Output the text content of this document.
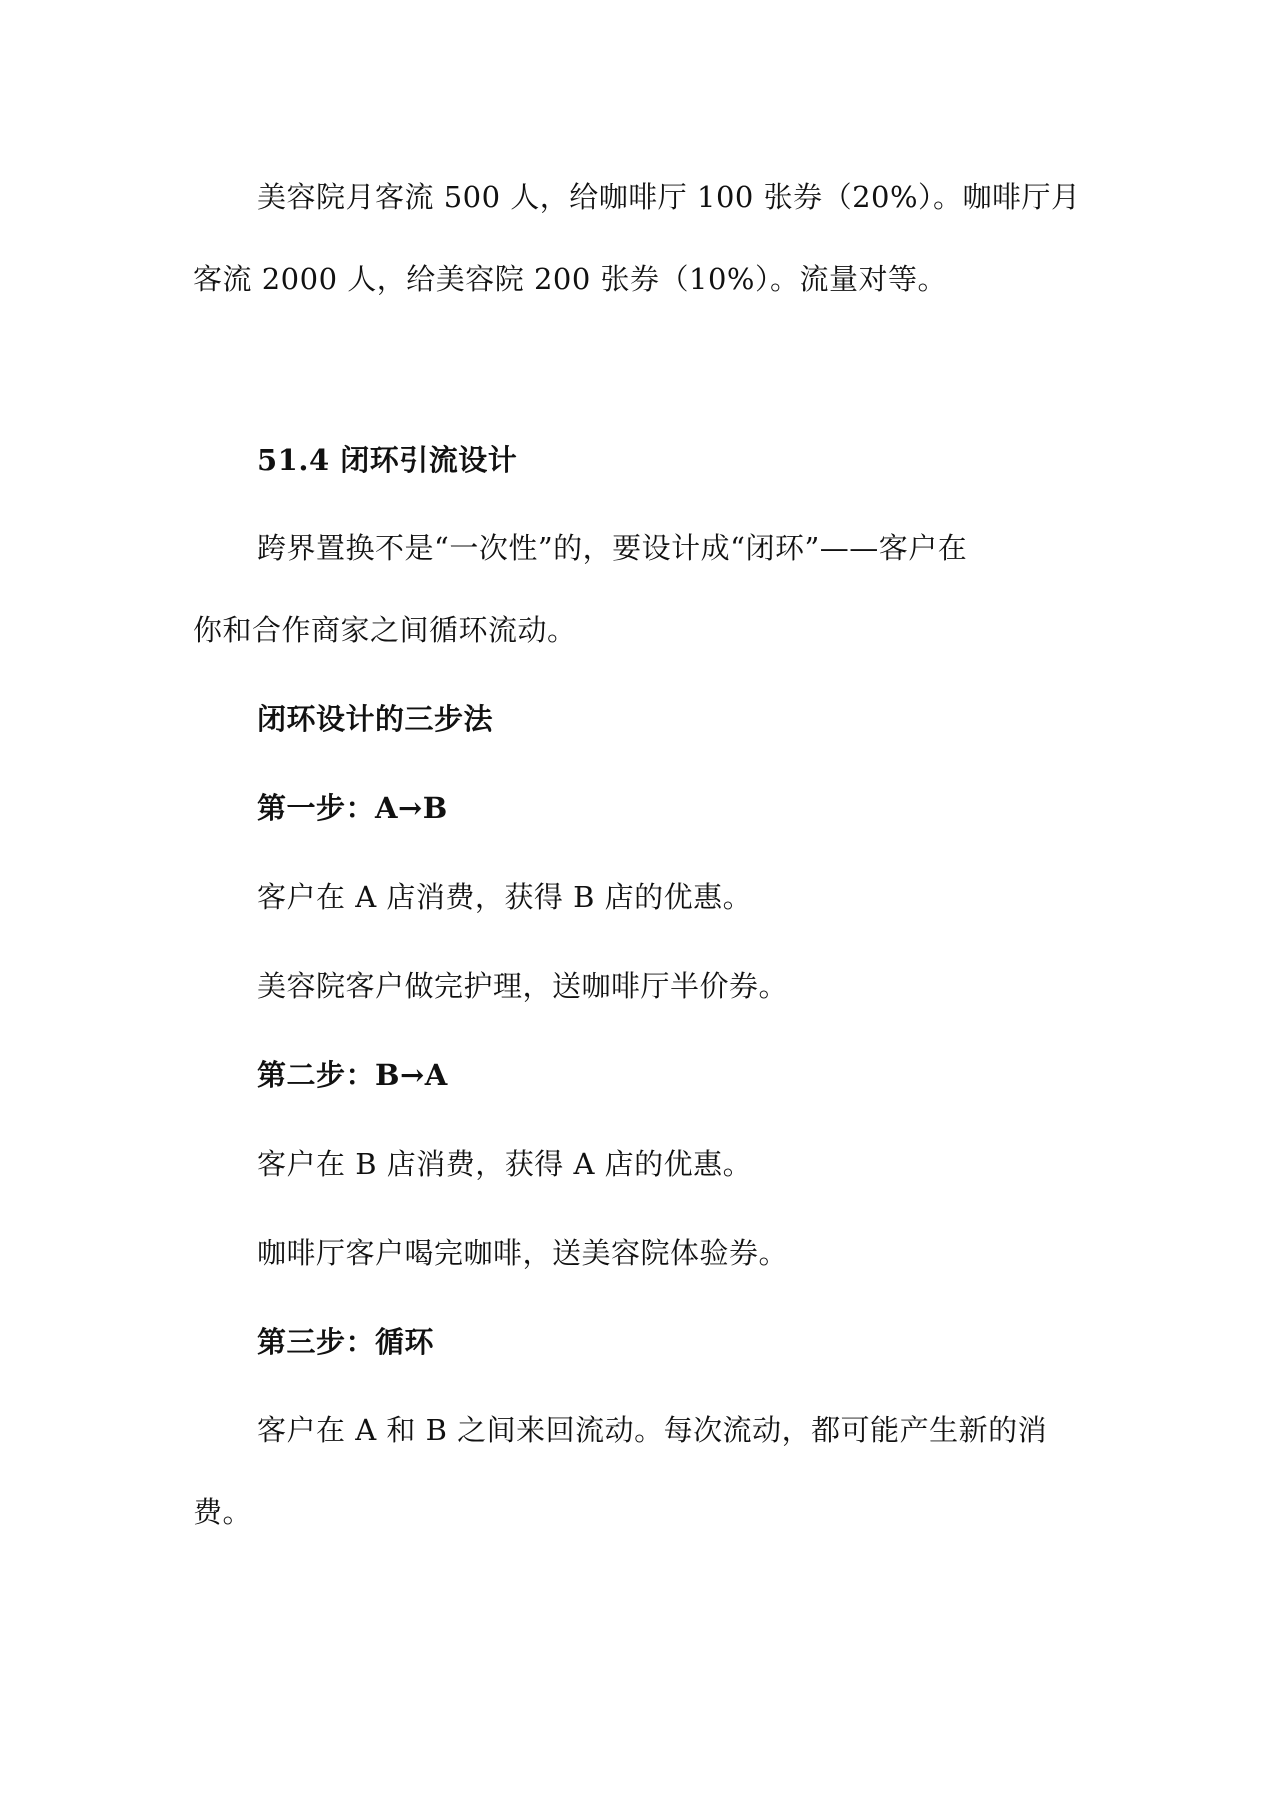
美容院月客流 500 人，给咖啡厅 100 张券（20%）。咖啡厅月
客流 2000 人，给美容院 200 张券（10%）。流量对等。
51.4 闭环引流设计
跨界置换不是“一次性”的，要设计成“闭环”——客户在
你和合作商家之间循环流动。
闭环设计的三步法
第一步：A→B
客户在 A 店消费，获得 B 店的优惠。
美容院客户做完护理，送咖啡厅半价券。
第二步：B→A
客户在 B 店消费，获得 A 店的优惠。
咖啡厅客户喝完咖啡，送美容院体验券。
第三步：循环
客户在 A 和 B 之间来回流动。每次流动，都可能产生新的消
费。
